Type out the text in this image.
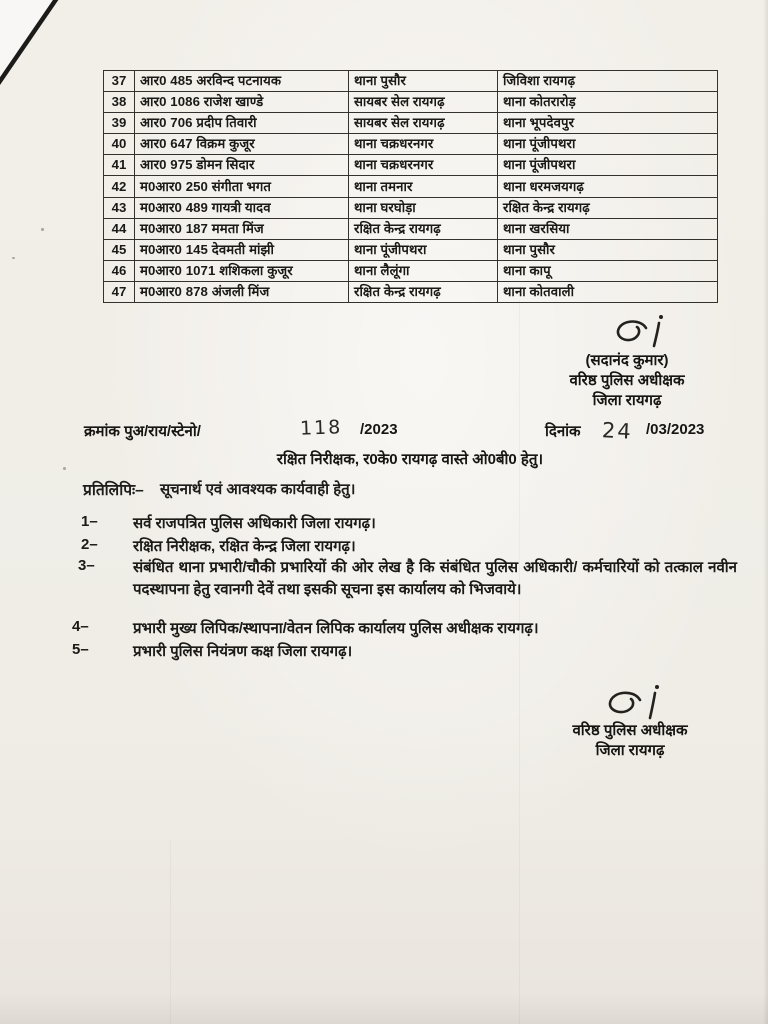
37	आर0 485 अरविन्द पटनायक	थाना पुसौर	जिविशा रायगढ़
38	आर0 1086 राजेश खाण्डे	सायबर सेल रायगढ़	थाना कोतरारोड़
39	आर0 706 प्रदीप तिवारी	सायबर सेल रायगढ़	थाना भूपदेवपुर
40	आर0 647 विक्रम कुजूर	थाना चक्रधरनगर	थाना पूंजीपथरा
41	आर0 975 डोमन सिदार	थाना चक्रधरनगर	थाना पूंजीपथरा
42	म0आर0 250 संगीता भगत	थाना तमनार	थाना धरमजयगढ़
43	म0आर0 489 गायत्री यादव	थाना घरघोड़ा	रक्षित केन्द्र रायगढ़
44	म0आर0 187 ममता मिंज	रक्षित केन्द्र रायगढ़	थाना खरसिया
45	म0आर0 145 देवमती मांझी	थाना पूंजीपथरा	थाना पुसौर
46	म0आर0 1071 शशिकला कुजूर	थाना लैलूंगा	थाना कापू
47	म0आर0 878 अंजली मिंज	रक्षित केन्द्र रायगढ़	थाना कोतवाली
(सदानंद कुमार)
वरिष्ठ पुलिस अधीक्षक
जिला रायगढ़
क्रमांक पुअ/राय/स्टेनो/	118 /2023	दिनांक 24 /03/2023
रक्षित निरीक्षक, र0के0 रायगढ़ वास्ते ओ0बी0 हेतु।
प्रतिलिपिः– सूचनार्थ एवं आवश्यक कार्यवाही हेतु।
1– सर्व राजपत्रित पुलिस अधिकारी जिला रायगढ़।
2– रक्षित निरीक्षक, रक्षित केन्द्र जिला रायगढ़।
3–	संबंधित थाना प्रभारी/चौकी प्रभारियों की ओर लेख है कि संबंधित पुलिस अधिकारी/ कर्मचारियों को तत्काल नवीन पदस्थापना हेतु रवानगी देवें तथा इसकी सूचना इस कार्यालय को भिजवाये।
4–	प्रभारी मुख्य लिपिक/स्थापना/वेतन लिपिक कार्यालय पुलिस अधीक्षक रायगढ़।
5–	प्रभारी पुलिस नियंत्रण कक्ष जिला रायगढ़।
वरिष्ठ पुलिस अधीक्षक
जिला रायगढ़
